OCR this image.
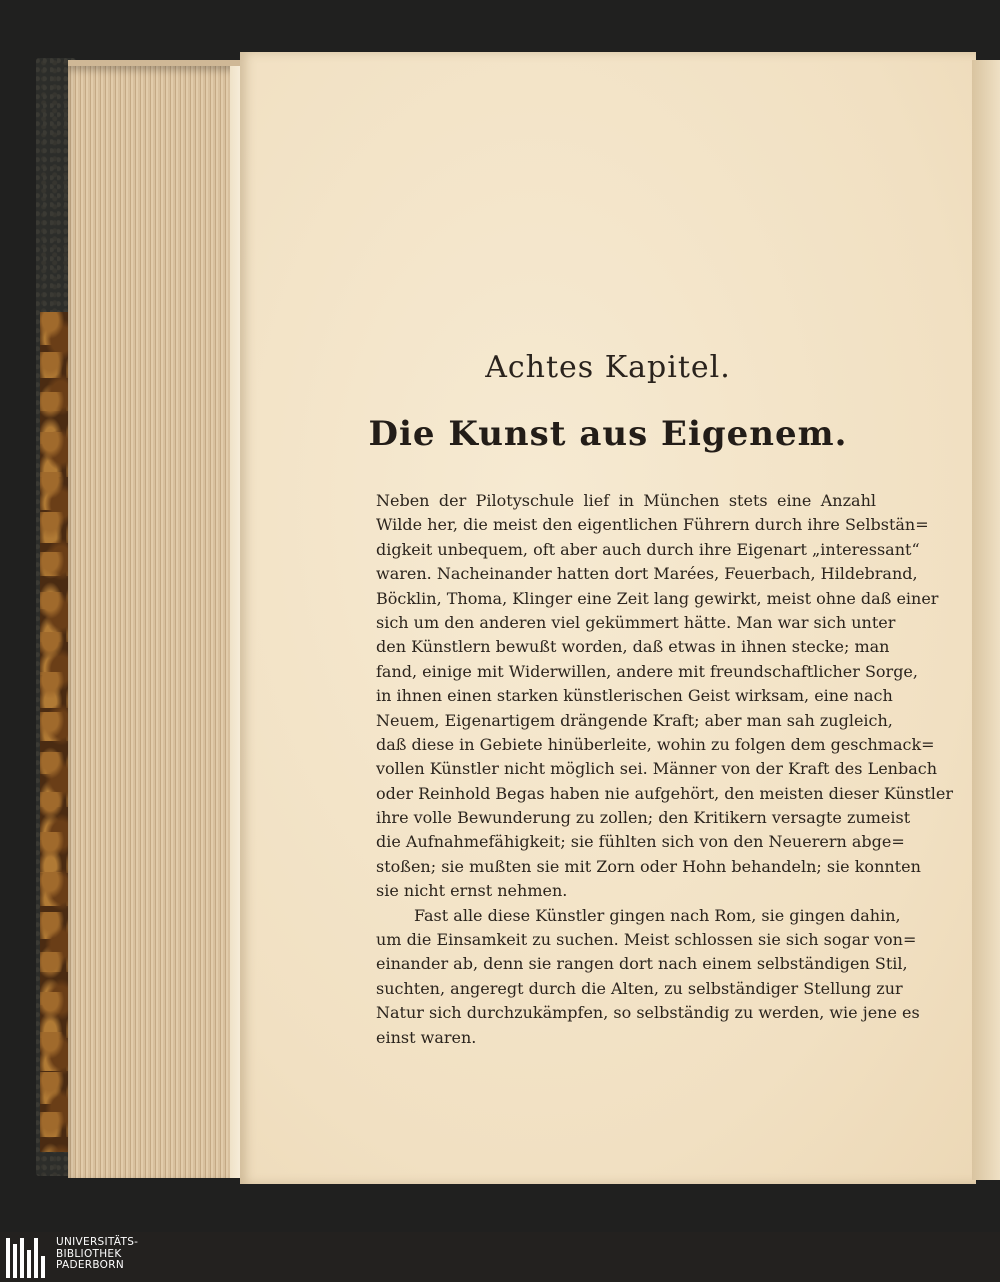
Achtes Kapitel.
Die Kunst aus Eigenem.
Neben der Pilotyschule lief in München stets eine Anzahl
Wilde her, die meist den eigentlichen Führern durch ihre Selbstän=
digkeit unbequem, oft aber auch durch ihre Eigenart „interessant“
waren. Nacheinander hatten dort Marées, Feuerbach, Hildebrand,
Böcklin, Thoma, Klinger eine Zeit lang gewirkt, meist ohne daß einer
sich um den anderen viel gekümmert hätte. Man war sich unter
den Künstlern bewußt worden, daß etwas in ihnen stecke; man
fand, einige mit Widerwillen, andere mit freundschaftlicher Sorge,
in ihnen einen starken künstlerischen Geist wirksam, eine nach
Neuem, Eigenartigem drängende Kraft; aber man sah zugleich,
daß diese in Gebiete hinüberleite, wohin zu folgen dem geschmack=
vollen Künstler nicht möglich sei. Männer von der Kraft des Lenbach
oder Reinhold Begas haben nie aufgehört, den meisten dieser Künstler
ihre volle Bewunderung zu zollen; den Kritikern versagte zumeist
die Aufnahmefähigkeit; sie fühlten sich von den Neuerern abge=
stoßen; sie mußten sie mit Zorn oder Hohn behandeln; sie konnten
sie nicht ernst nehmen.
Fast alle diese Künstler gingen nach Rom, sie gingen dahin,
um die Einsamkeit zu suchen. Meist schlossen sie sich sogar von=
einander ab, denn sie rangen dort nach einem selbständigen Stil,
suchten, angeregt durch die Alten, zu selbständiger Stellung zur
Natur sich durchzukämpfen, so selbständig zu werden, wie jene es
einst waren.
UNIVERSITÄTS-
BIBLIOTHEK
PADERBORN
